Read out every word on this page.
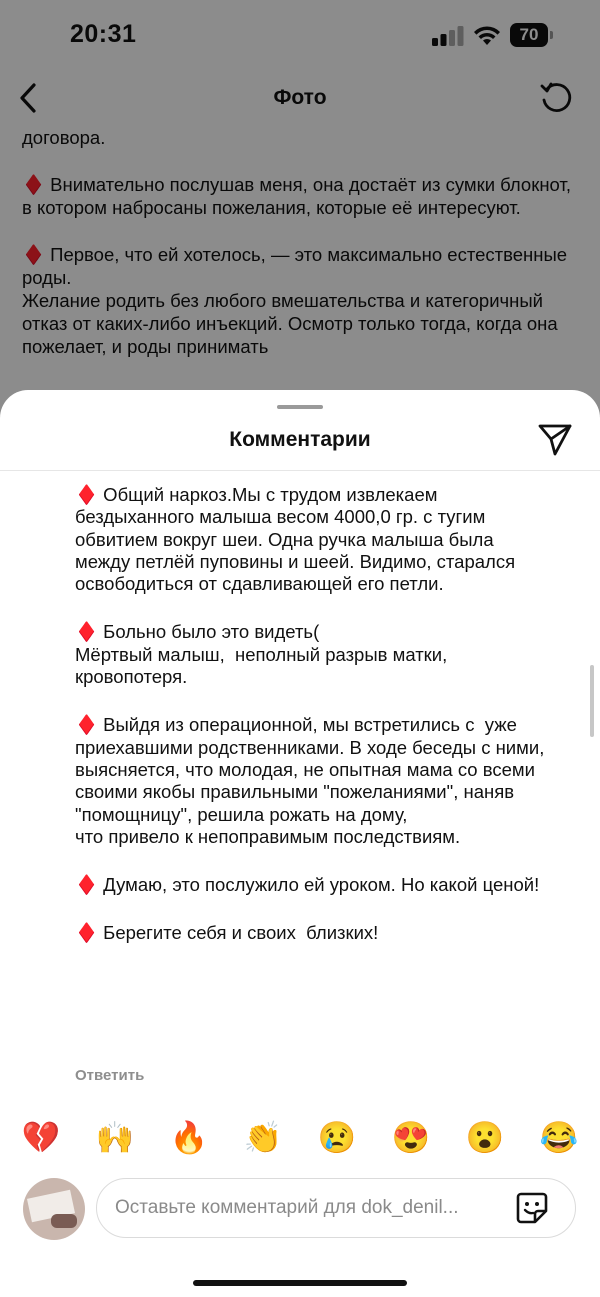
20:31	70
Фото

договора.

♦️ Внимательно послушав меня, она достаёт из сумки блокнот, в котором набросаны пожелания, которые её интересуют.

♦️ Первое, что ей хотелось, — это максимально естественные роды.

Желание родить без любого вмешательства и категоричный отказ от каких-либо инъекций. Осмотр только тогда, когда она пожелает, и роды принимать

Комментарии

♦️ Общий наркоз.Мы с трудом извлекаем бездыханного малыша весом 4000,0 гр. с тугим обвитием вокруг шеи. Одна ручка малыша была между петлёй пуповины и шеей. Видимо, старался освободиться от сдавливающей его петли.

♦️ Больно было это видеть(

Мёртвый малыш,  неполный разрыв матки, кровопотеря.

♦️ Выйдя из операционной, мы встретились с  уже приехавшими родственниками. В ходе беседы с ними, выясняется, что молодая, не опытная мама со всеми своими якобы правильными "пожеланиями", наняв "помощницу", решила рожать на дому,
что привело к непоправимым последствиям.

♦️ Думаю, это послужило ей уроком. Но какой ценой!

♦️ Берегите себя и своих  близких!

Ответить
💔 🙌 🔥 👏 😢 😍 😮 😂
Оставьте комментарий для dok_denil...
